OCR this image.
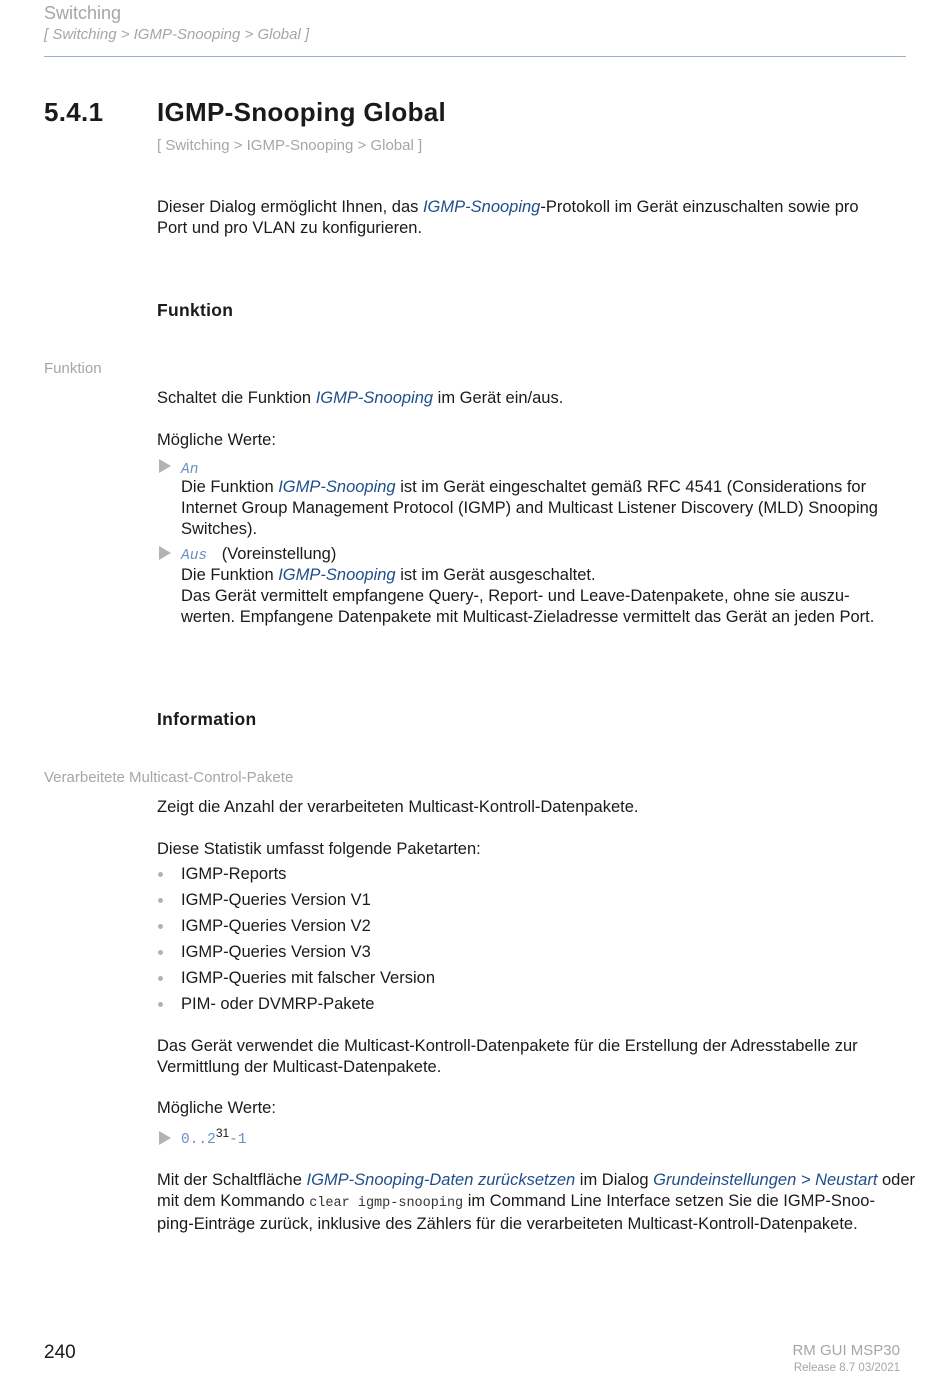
Switching
[ Switching > IGMP-Snooping > Global ]
5.4.1 IGMP-Snooping Global
[ Switching > IGMP-Snooping > Global ]
Dieser Dialog ermöglicht Ihnen, das IGMP-Snooping-Protokoll im Gerät einzuschalten sowie pro
Port und pro VLAN zu konfigurieren.
Funktion
Funktion
Schaltet die Funktion IGMP-Snooping im Gerät ein/aus.
Mögliche Werte:
An
Die Funktion IGMP-Snooping ist im Gerät eingeschaltet gemäß RFC 4541 (Considerations for
Internet Group Management Protocol (IGMP) and Multicast Listener Discovery (MLD) Snooping
Switches).
Aus (Voreinstellung)
Die Funktion IGMP-Snooping ist im Gerät ausgeschaltet.
Das Gerät vermittelt empfangene Query-, Report- und Leave-Datenpakete, ohne sie auszu-
werten. Empfangene Datenpakete mit Multicast-Zieladresse vermittelt das Gerät an jeden Port.
Information
Verarbeitete Multicast-Control-Pakete
Zeigt die Anzahl der verarbeiteten Multicast-Kontroll-Datenpakete.
Diese Statistik umfasst folgende Paketarten:
IGMP-Reports
IGMP-Queries Version V1
IGMP-Queries Version V2
IGMP-Queries Version V3
IGMP-Queries mit falscher Version
PIM- oder DVMRP-Pakete
Das Gerät verwendet die Multicast-Kontroll-Datenpakete für die Erstellung der Adresstabelle zur
Vermittlung der Multicast-Datenpakete.
Mögliche Werte:
0..2$^{31}$-1
Mit der Schaltfläche IGMP-Snooping-Daten zurücksetzen im Dialog Grundeinstellungen > Neustart oder
mit dem Kommando clear igmp-snooping im Command Line Interface setzen Sie die IGMP-Snoo-
ping-Einträge zurück, inklusive des Zählers für die verarbeiteten Multicast-Kontroll-Datenpakete.
240	RM GUI MSP30
Release 8.7 03/2021
